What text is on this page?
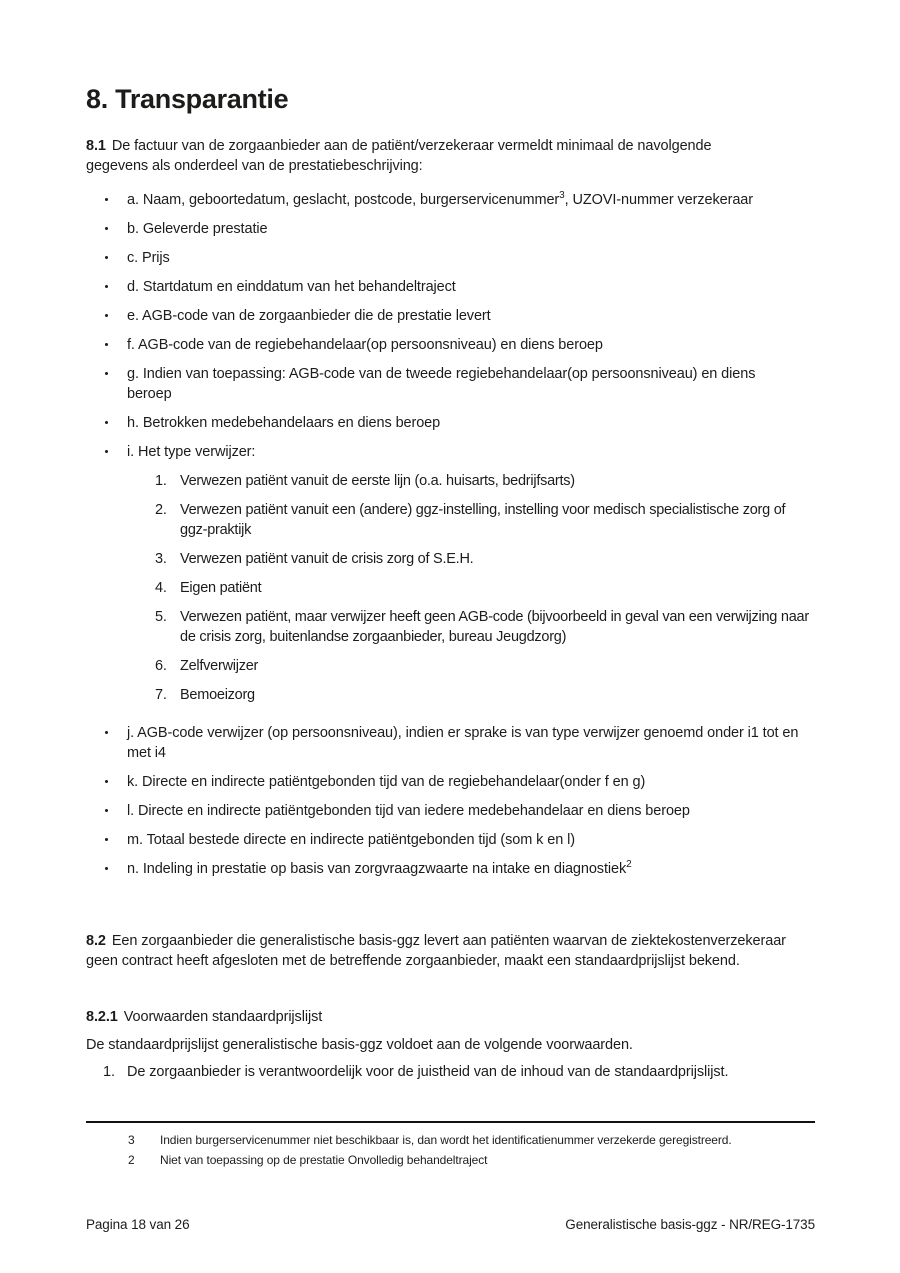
8. Transparantie

8.1 De factuur van de zorgaanbieder aan de patiënt/verzekeraar vermeldt minimaal de navolgende gegevens als onderdeel van de prestatiebeschrijving:

a. Naam, geboortedatum, geslacht, postcode, burgerservicenummer$^3$, UZOVI-nummer verzekeraar
b. Geleverde prestatie
c. Prijs
d. Startdatum en einddatum van het behandeltraject
e. AGB-code van de zorgaanbieder die de prestatie levert
f. AGB-code van de regiebehandelaar(op persoonsniveau) en diens beroep
g. Indien van toepassing: AGB-code van de tweede regiebehandelaar(op persoonsniveau) en diens beroep
h. Betrokken medebehandelaars en diens beroep
i. Het type verwijzer:
1. Verwezen patiënt vanuit de eerste lijn (o.a. huisarts, bedrijfsarts)
2. Verwezen patiënt vanuit een (andere) ggz-instelling, instelling voor medisch specialistische zorg of ggz-praktijk
3. Verwezen patiënt vanuit de crisis zorg of S.E.H.
4. Eigen patiënt
5. Verwezen patiënt, maar verwijzer heeft geen AGB-code (bijvoorbeeld in geval van een verwijzing naar de crisis zorg, buitenlandse zorgaanbieder, bureau Jeugdzorg)
6. Zelfverwijzer
7. Bemoeizorg
j. AGB-code verwijzer (op persoonsniveau), indien er sprake is van type verwijzer genoemd onder i1 tot en met i4
k. Directe en indirecte patiëntgebonden tijd van de regiebehandelaar(onder f en g)
l. Directe en indirecte patiëntgebonden tijd van iedere medebehandelaar en diens beroep
m. Totaal bestede directe en indirecte patiëntgebonden tijd (som k en l)
n. Indeling in prestatie op basis van zorgvraagzwaarte na intake en diagnostiek$^2$

8.2 Een zorgaanbieder die generalistische basis-ggz levert aan patiënten waarvan de ziektekostenverzekeraar geen contract heeft afgesloten met de betreffende zorgaanbieder, maakt een standaardprijslijst bekend.

8.2.1 Voorwaarden standaardprijslijst

De standaardprijslijst generalistische basis-ggz voldoet aan de volgende voorwaarden.

1. De zorgaanbieder is verantwoordelijk voor de juistheid van de inhoud van de standaardprijslijst.
3 Indien burgerservicenummer niet beschikbaar is, dan wordt het identificatienummer verzekerde geregistreerd.
2 Niet van toepassing op de prestatie Onvolledig behandeltraject
Pagina 18 van 26	Generalistische basis-ggz - NR/REG-1735
